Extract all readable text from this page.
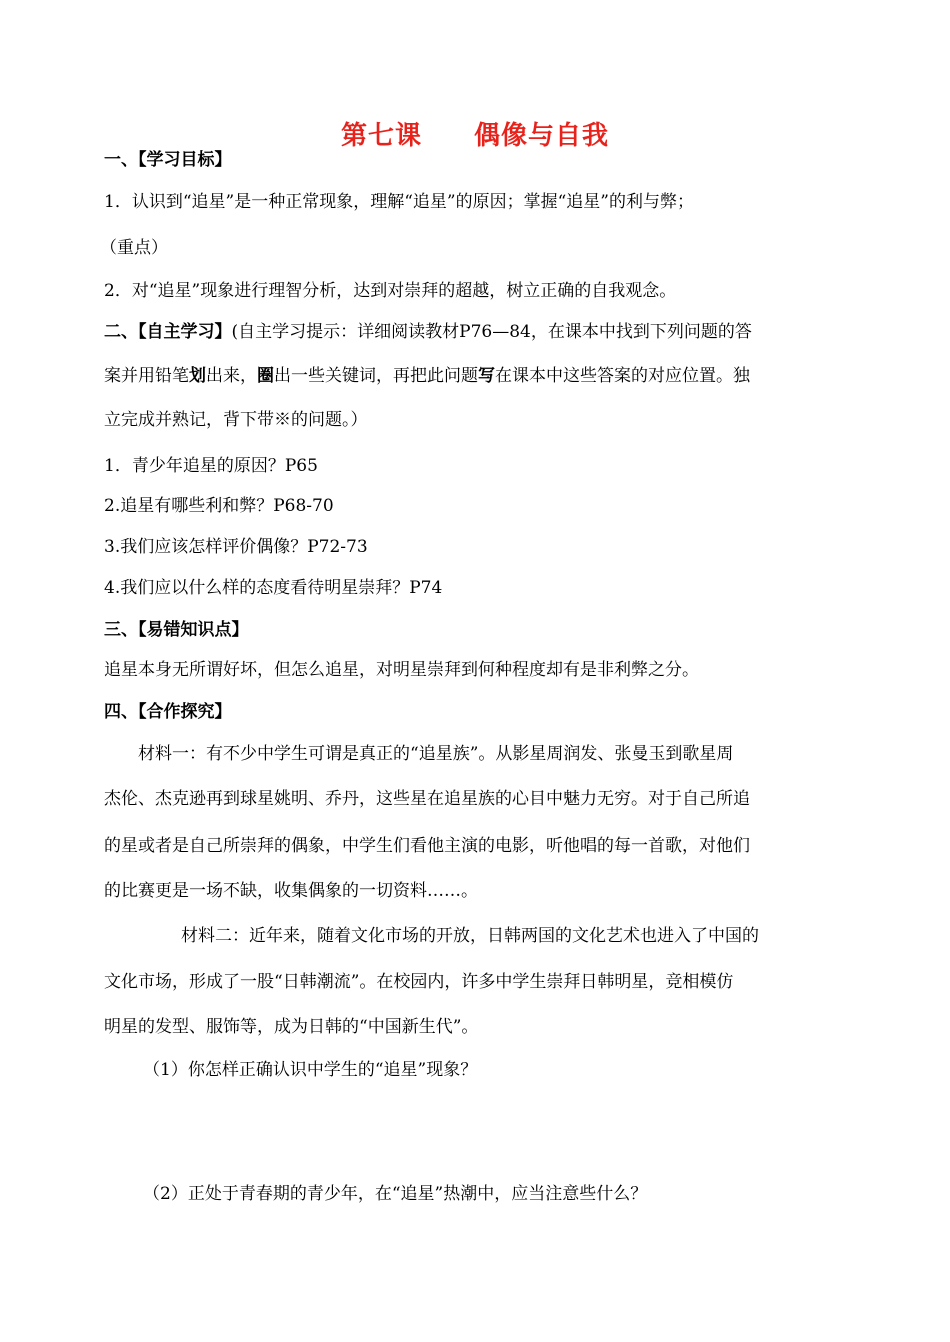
第七课 偶像与自我
一、【学习目标】
1．认识到“追星”是一种正常现象，理解“追星”的原因；掌握“追星”的利与弊；
（重点）
2．对“追星”现象进行理智分析，达到对崇拜的超越，树立正确的自我观念。
二、【自主学习】(自主学习提示：详细阅读教材P76—84，在课本中找到下列问题的答
案并用铅笔划出来，圈出一些关键词，再把此问题写在课本中这些答案的对应位置。独
立完成并熟记，背下带※的问题。）
1．青少年追星的原因？P65
2.追星有哪些利和弊？P68-70
3.我们应该怎样评价偶像？P72-73
4.我们应以什么样的态度看待明星崇拜？P74
三、【易错知识点】
追星本身无所谓好坏，但怎么追星，对明星崇拜到何种程度却有是非利弊之分。
四、【合作探究】
材料一：有不少中学生可谓是真正的“追星族”。从影星周润发、张曼玉到歌星周
杰伦、杰克逊再到球星姚明、乔丹，这些星在追星族的心目中魅力无穷。对于自己所追
的星或者是自己所崇拜的偶象，中学生们看他主演的电影，听他唱的每一首歌，对他们
的比赛更是一场不缺，收集偶象的一切资料……。
材料二：近年来，随着文化市场的开放，日韩两国的文化艺术也进入了中国的
文化市场，形成了一股“日韩潮流”。在校园内，许多中学生崇拜日韩明星，竞相模仿
明星的发型、服饰等，成为日韩的“中国新生代”。
（1）你怎样正确认识中学生的“追星”现象？
（2）正处于青春期的青少年，在“追星”热潮中，应当注意些什么？
